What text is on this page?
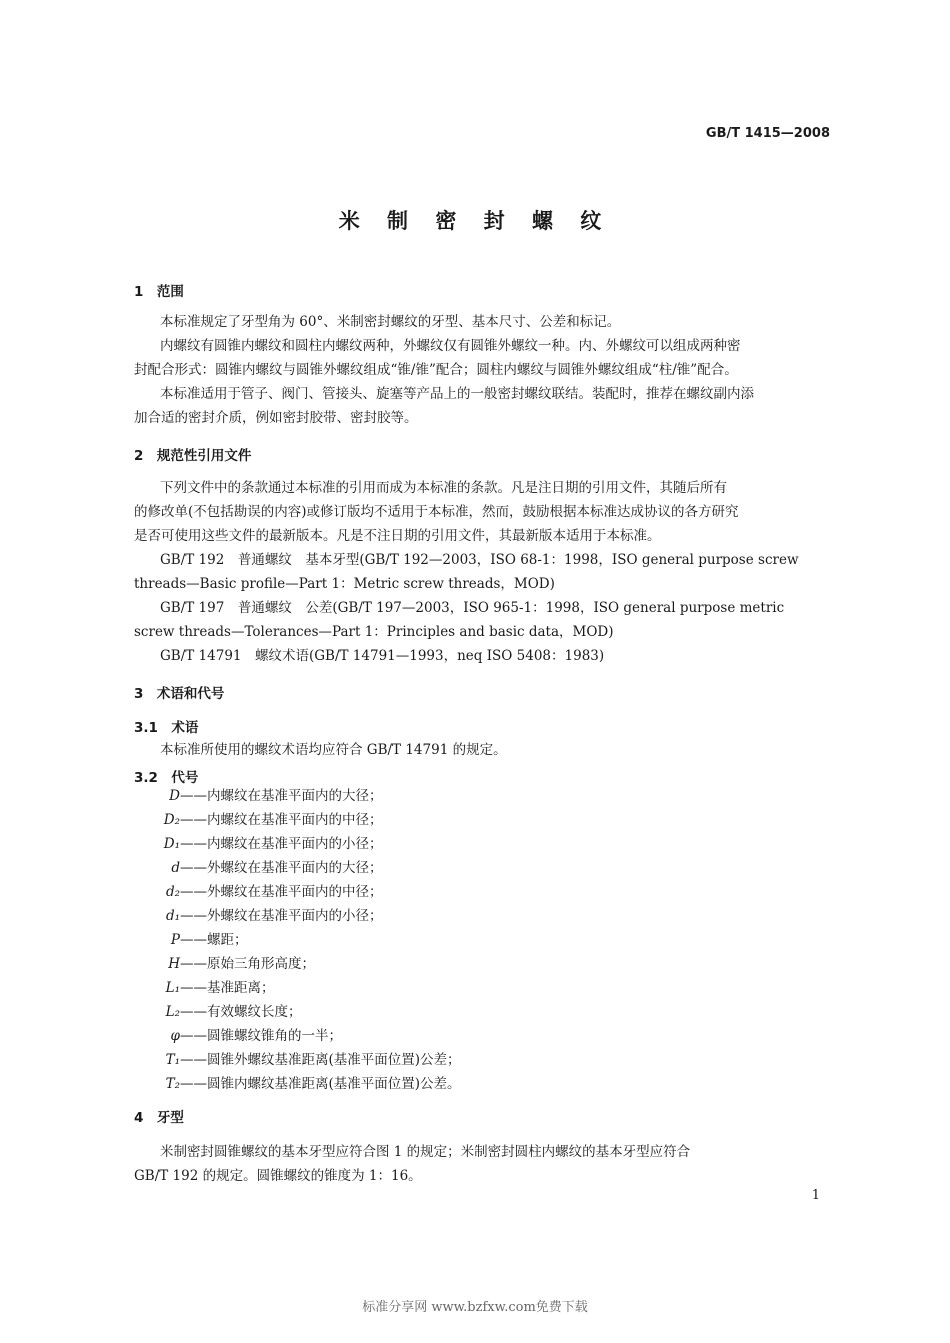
GB/T 1415—2008
米 制 密 封 螺 纹
1　范围
本标准规定了牙型角为 60°、米制密封螺纹的牙型、基本尺寸、公差和标记。
内螺纹有圆锥内螺纹和圆柱内螺纹两种，外螺纹仅有圆锥外螺纹一种。内、外螺纹可以组成两种密
封配合形式：圆锥内螺纹与圆锥外螺纹组成“锥/锥”配合；圆柱内螺纹与圆锥外螺纹组成“柱/锥”配合。
本标准适用于管子、阀门、管接头、旋塞等产品上的一般密封螺纹联结。装配时，推荐在螺纹副内添
加合适的密封介质，例如密封胶带、密封胶等。
2　规范性引用文件
下列文件中的条款通过本标准的引用而成为本标准的条款。凡是注日期的引用文件，其随后所有
的修改单(不包括勘误的内容)或修订版均不适用于本标准，然而，鼓励根据本标准达成协议的各方研究
是否可使用这些文件的最新版本。凡是不注日期的引用文件，其最新版本适用于本标准。
GB/T 192　普通螺纹　基本牙型(GB/T 192—2003，ISO 68-1：1998，ISO general purpose screw
threads—Basic profile—Part 1：Metric screw threads，MOD)
GB/T 197　普通螺纹　公差(GB/T 197—2003，ISO 965-1：1998，ISO general purpose metric
screw threads—Tolerances—Part 1：Principles and basic data，MOD)
GB/T 14791　螺纹术语(GB/T 14791—1993，neq ISO 5408：1983)
3　术语和代号
3.1　术语
本标准所使用的螺纹术语均应符合 GB/T 14791 的规定。
3.2　代号
D——内螺纹在基准平面内的大径；
D₂——内螺纹在基准平面内的中径；
D₁——内螺纹在基准平面内的小径；
d——外螺纹在基准平面内的大径；
d₂——外螺纹在基准平面内的中径；
d₁——外螺纹在基准平面内的小径；
P——螺距；
H——原始三角形高度；
L₁——基准距离；
L₂——有效螺纹长度；
φ——圆锥螺纹锥角的一半；
T₁——圆锥外螺纹基准距离(基准平面位置)公差；
T₂——圆锥内螺纹基准距离(基准平面位置)公差。
4　牙型
米制密封圆锥螺纹的基本牙型应符合图 1 的规定；米制密封圆柱内螺纹的基本牙型应符合
GB/T 192 的规定。圆锥螺纹的锥度为 1：16。
1
标准分享网 www.bzfxw.com免费下载
